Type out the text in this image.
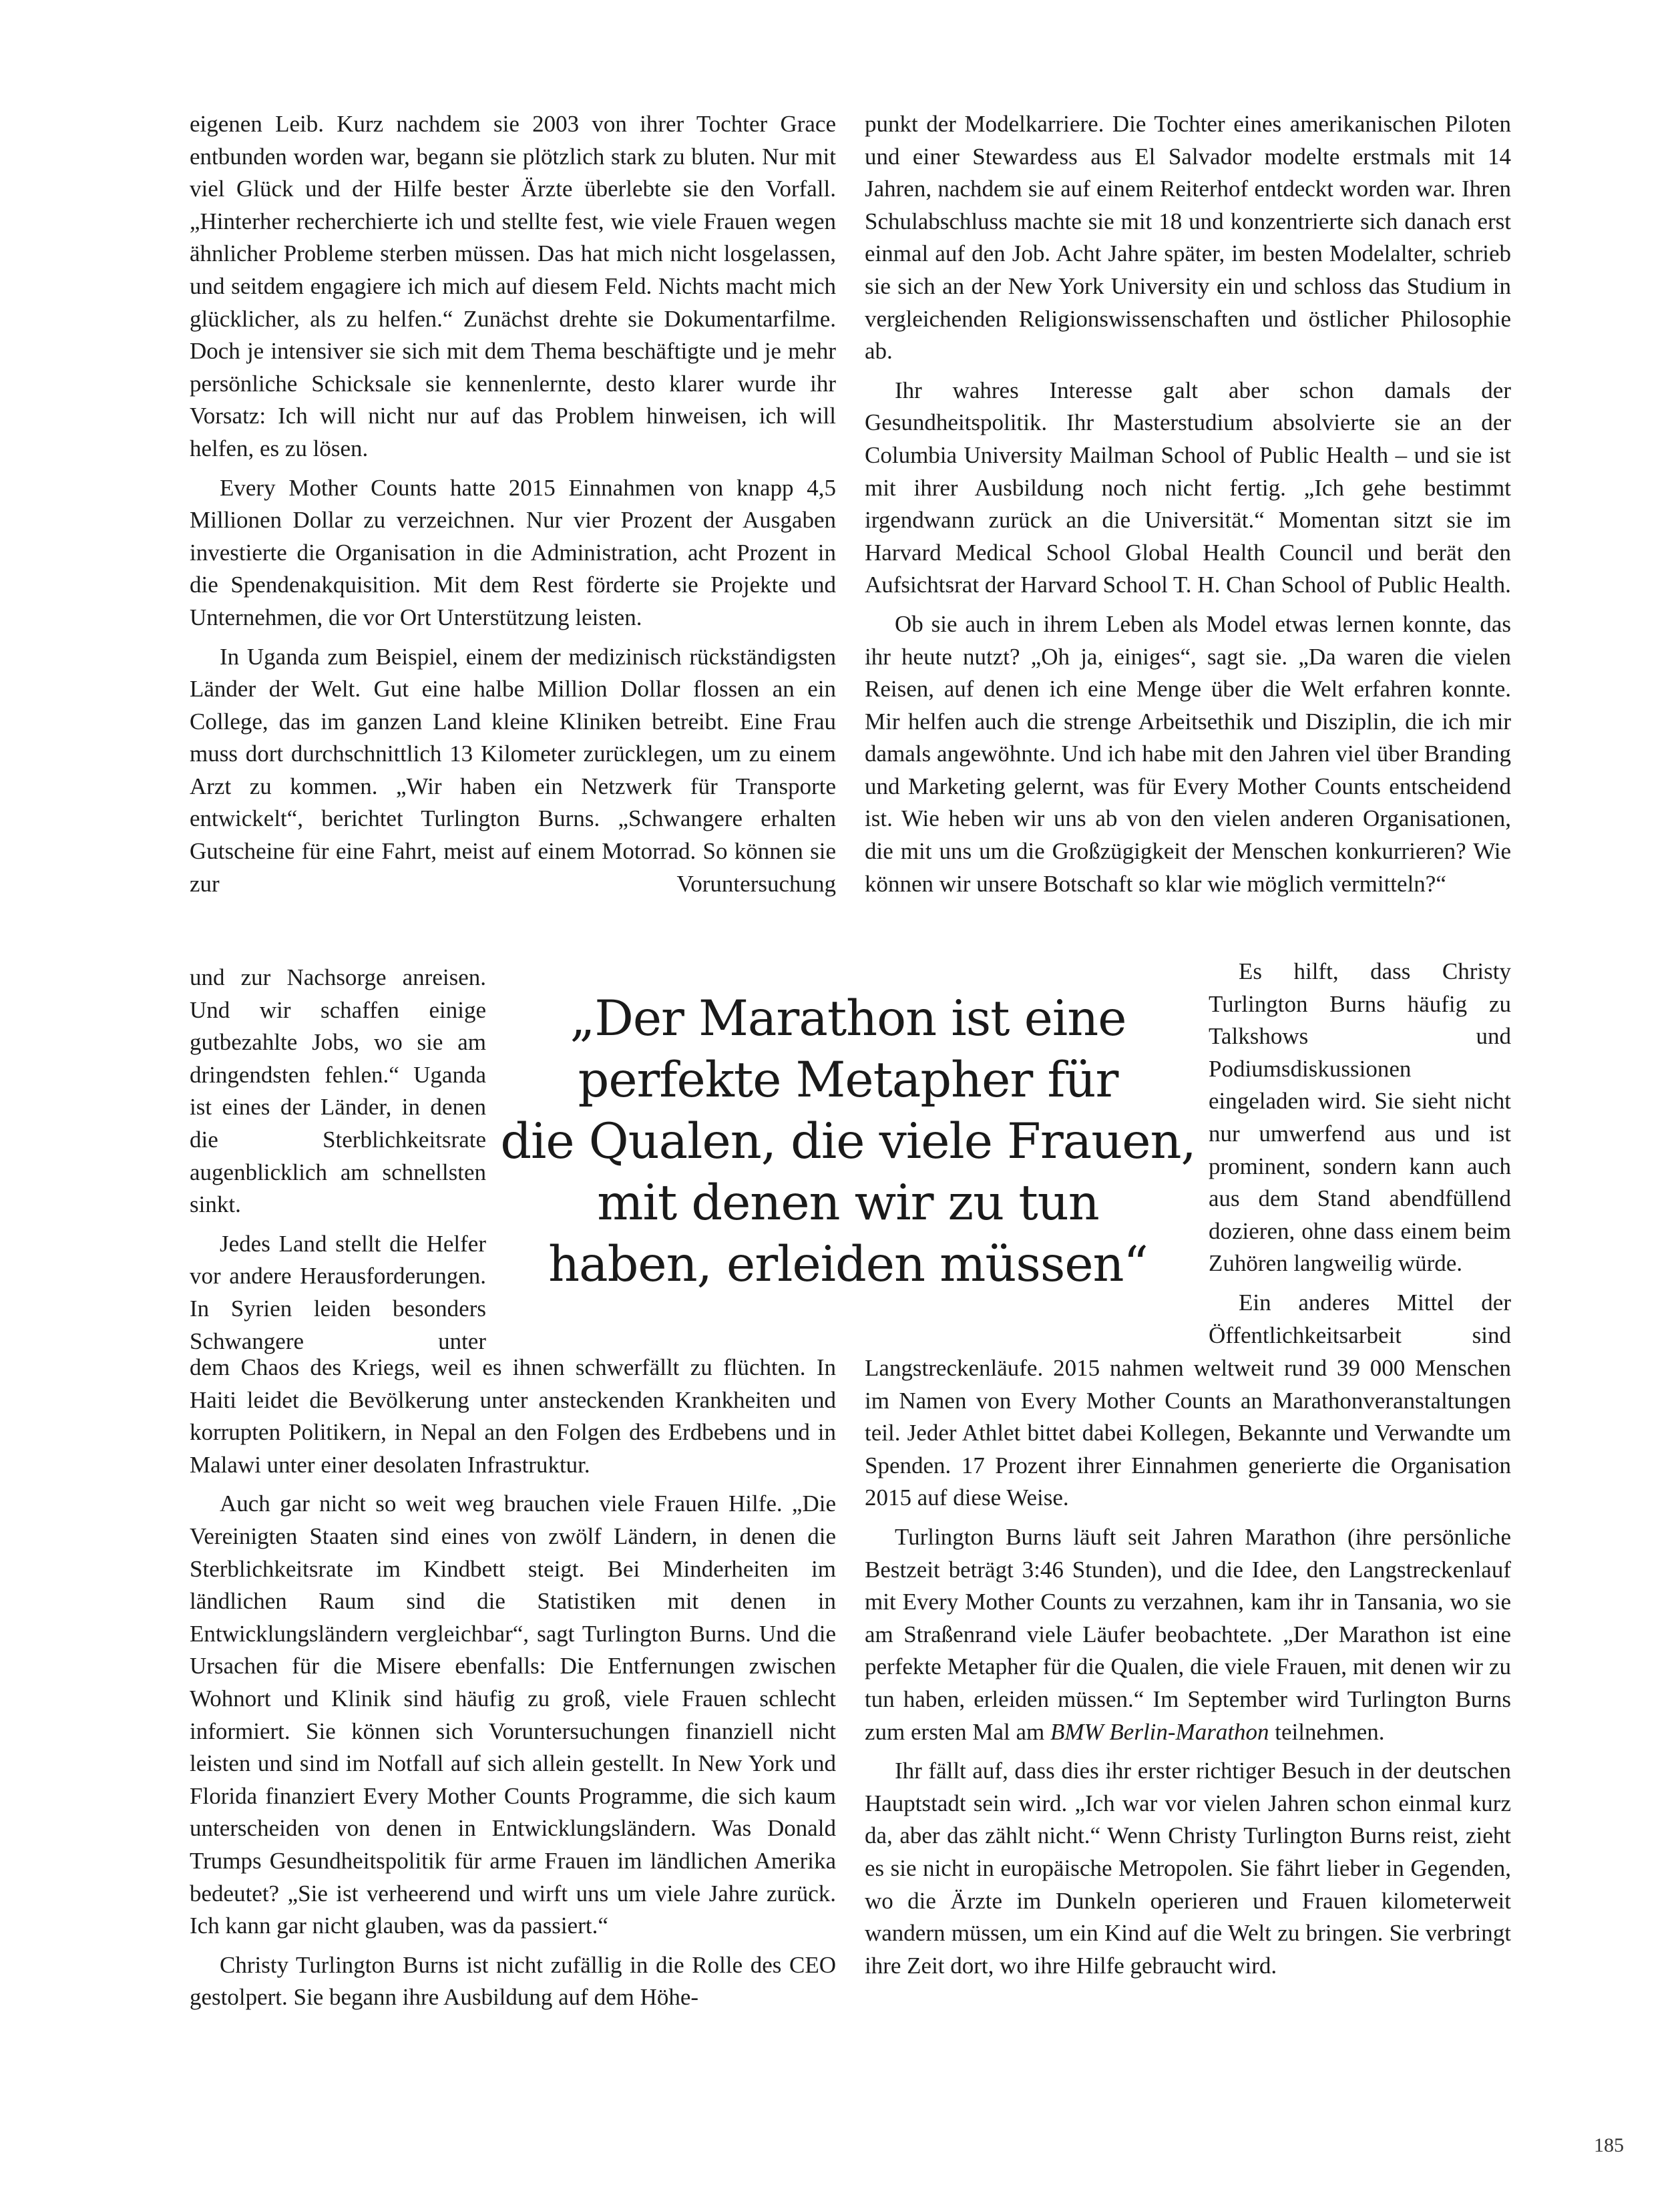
eigenen Leib. Kurz nachdem sie 2003 von ihrer Tochter Grace entbunden worden war, begann sie plötzlich stark zu bluten. Nur mit viel Glück und der Hilfe bester Ärzte überlebte sie den Vorfall. „Hinterher recherchierte ich und stellte fest, wie viele Frauen wegen ähnlicher Probleme sterben müssen. Das hat mich nicht losgelassen, und seitdem engagiere ich mich auf diesem Feld. Nichts macht mich glücklicher, als zu helfen.“ Zunächst drehte sie Dokumentarfilme. Doch je intensiver sie sich mit dem Thema beschäftigte und je mehr persönliche Schicksale sie kennenlernte, desto klarer wurde ihr Vorsatz: Ich will nicht nur auf das Problem hinweisen, ich will helfen, es zu lösen.

Every Mother Counts hatte 2015 Einnahmen von knapp 4,5 Millionen Dollar zu verzeichnen. Nur vier Prozent der Ausgaben investierte die Organisation in die Administration, acht Prozent in die Spendenakquisition. Mit dem Rest förderte sie Projekte und Unternehmen, die vor Ort Unterstützung leisten.

In Uganda zum Beispiel, einem der medizinisch rückständigsten Länder der Welt. Gut eine halbe Million Dollar flossen an ein College, das im ganzen Land kleine Kliniken betreibt. Eine Frau muss dort durchschnittlich 13 Kilometer zurücklegen, um zu einem Arzt zu kommen. „Wir haben ein Netzwerk für Transporte entwickelt“, berichtet Turlington Burns. „Schwangere erhalten Gutscheine für eine Fahrt, meist auf einem Motorrad. So können sie zur Voruntersuchung

und zur Nachsorge anreisen. Und wir schaffen einige gutbezahlte Jobs, wo sie am dringendsten fehlen.“ Uganda ist eines der Länder, in denen die Sterblichkeitsrate augenblicklich am schnellsten sinkt.

Jedes Land stellt die Helfer vor andere Herausforderungen. In Syrien leiden besonders Schwangere unter

dem Chaos des Kriegs, weil es ihnen schwerfällt zu flüchten. In Haiti leidet die Bevölkerung unter ansteckenden Krankheiten und korrupten Politikern, in Nepal an den Folgen des Erdbebens und in Malawi unter einer desolaten Infrastruktur.

Auch gar nicht so weit weg brauchen viele Frauen Hilfe. „Die Vereinigten Staaten sind eines von zwölf Ländern, in denen die Sterblichkeitsrate im Kindbett steigt. Bei Minderheiten im ländlichen Raum sind die Statistiken mit denen in Entwicklungsländern vergleichbar“, sagt Turlington Burns. Und die Ursachen für die Misere ebenfalls: Die Entfernungen zwischen Wohnort und Klinik sind häufig zu groß, viele Frauen schlecht informiert. Sie können sich Voruntersuchungen finanziell nicht leisten und sind im Notfall auf sich allein gestellt. In New York und Florida finanziert Every Mother Counts Programme, die sich kaum unterscheiden von denen in Entwicklungsländern. Was Donald Trumps Gesundheitspolitik für arme Frauen im ländlichen Amerika bedeutet? „Sie ist verheerend und wirft uns um viele Jahre zurück. Ich kann gar nicht glauben, was da passiert.“

Christy Turlington Burns ist nicht zufällig in die Rolle des CEO gestolpert. Sie begann ihre Ausbildung auf dem Höhe-

punkt der Modelkarriere. Die Tochter eines amerikanischen Piloten und einer Stewardess aus El Salvador modelte erstmals mit 14 Jahren, nachdem sie auf einem Reiterhof entdeckt worden war. Ihren Schulabschluss machte sie mit 18 und konzentrierte sich danach erst einmal auf den Job. Acht Jahre später, im besten Modelalter, schrieb sie sich an der New York University ein und schloss das Studium in vergleichenden Religionswissenschaften und östlicher Philosophie ab.

Ihr wahres Interesse galt aber schon damals der Gesundheitspolitik. Ihr Masterstudium absolvierte sie an der Columbia University Mailman School of Public Health – und sie ist mit ihrer Ausbildung noch nicht fertig. „Ich gehe bestimmt irgendwann zurück an die Universität.“ Momentan sitzt sie im Harvard Medical School Global Health Council und berät den Aufsichtsrat der Harvard School T. H. Chan School of Public Health.

Ob sie auch in ihrem Leben als Model etwas lernen konnte, das ihr heute nutzt? „Oh ja, einiges“, sagt sie. „Da waren die vielen Reisen, auf denen ich eine Menge über die Welt erfahren konnte. Mir helfen auch die strenge Arbeitsethik und Disziplin, die ich mir damals angewöhnte. Und ich habe mit den Jahren viel über Branding und Marketing gelernt, was für Every Mother Counts entscheidend ist. Wie heben wir uns ab von den vielen anderen Organisationen, die mit uns um die Großzügigkeit der Menschen konkurrieren? Wie können wir unsere Botschaft so klar wie möglich vermitteln?“

Es hilft, dass Christy Turlington Burns häufig zu Talkshows und Podiumsdiskussionen eingeladen wird. Sie sieht nicht nur umwerfend aus und ist prominent, sondern kann auch aus dem Stand abendfüllend dozieren, ohne dass einem beim Zuhören langweilig würde.

Ein anderes Mittel der Öffentlichkeitsarbeit sind

Langstreckenläufe. 2015 nahmen weltweit rund 39 000 Menschen im Namen von Every Mother Counts an Marathonveranstaltungen teil. Jeder Athlet bittet dabei Kollegen, Bekannte und Verwandte um Spenden. 17 Prozent ihrer Einnahmen generierte die Organisation 2015 auf diese Weise.

Turlington Burns läuft seit Jahren Marathon (ihre persönliche Bestzeit beträgt 3:46 Stunden), und die Idee, den Langstreckenlauf mit Every Mother Counts zu verzahnen, kam ihr in Tansania, wo sie am Straßenrand viele Läufer beobachtete. „Der Marathon ist eine perfekte Metapher für die Qualen, die viele Frauen, mit denen wir zu tun haben, erleiden müssen.“ Im September wird Turlington Burns zum ersten Mal am BMW Berlin-Marathon teilnehmen.

Ihr fällt auf, dass dies ihr erster richtiger Besuch in der deutschen Hauptstadt sein wird. „Ich war vor vielen Jahren schon einmal kurz da, aber das zählt nicht.“ Wenn Christy Turlington Burns reist, zieht es sie nicht in europäische Metropolen. Sie fährt lieber in Gegenden, wo die Ärzte im Dunkeln operieren und Frauen kilometerweit wandern müssen, um ein Kind auf die Welt zu bringen. Sie verbringt ihre Zeit dort, wo ihre Hilfe gebraucht wird.

„Der Marathon ist eine
perfekte Metapher für
die Qualen, die viele Frauen,
mit denen wir zu tun
haben, erleiden müssen“
185
